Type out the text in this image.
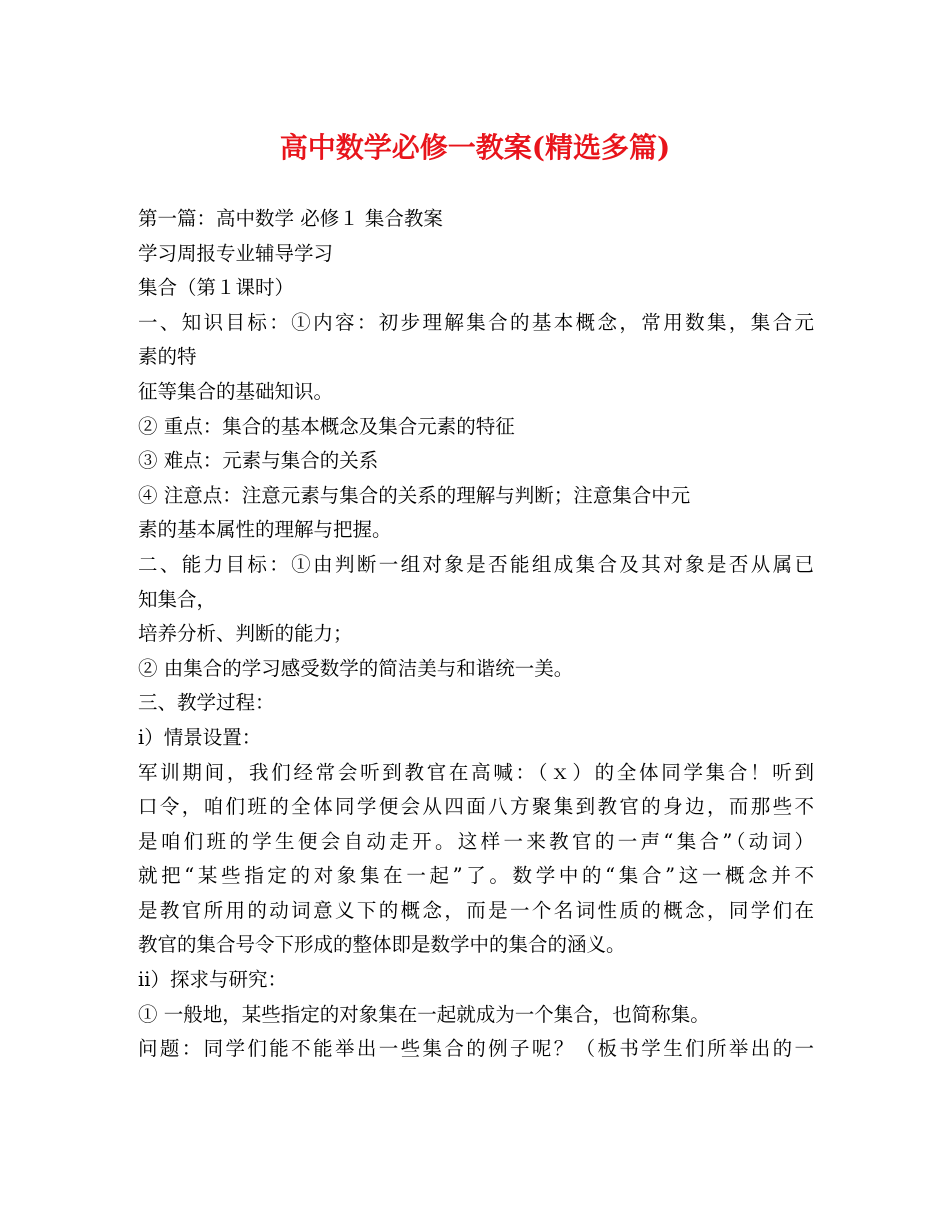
高中数学必修一教案(精选多篇)
第一篇：高中数学 必修１ 集合教案
学习周报专业辅导学习
集合（第１课时）
一、知识目标：①内容：初步理解集合的基本概念，常用数集，集合元
素的特
征等集合的基础知识。
② 重点：集合的基本概念及集合元素的特征
③ 难点：元素与集合的关系
④ 注意点：注意元素与集合的关系的理解与判断；注意集合中元
素的基本属性的理解与把握。
二、能力目标：①由判断一组对象是否能组成集合及其对象是否从属已
知集合，
培养分析、判断的能力；
② 由集合的学习感受数学的简洁美与和谐统一美。
三、教学过程：
ⅰ）情景设置：
军训期间，我们经常会听到教官在高喊：（ｘ）的全体同学集合！听到
口令，咱们班的全体同学便会从四面八方聚集到教官的身边，而那些不
是咱们班的学生便会自动走开。这样一来教官的一声“集合”（动词）
就把“某些指定的对象集在一起”了。数学中的“集合”这一概念并不
是教官所用的动词意义下的概念，而是一个名词性质的概念，同学们在
教官的集合号令下形成的整体即是数学中的集合的涵义。
ⅱ）探求与研究：
① 一般地，某些指定的对象集在一起就成为一个集合，也简称集。
问题：同学们能不能举出一些集合的例子呢？（板书学生们所举出的一
